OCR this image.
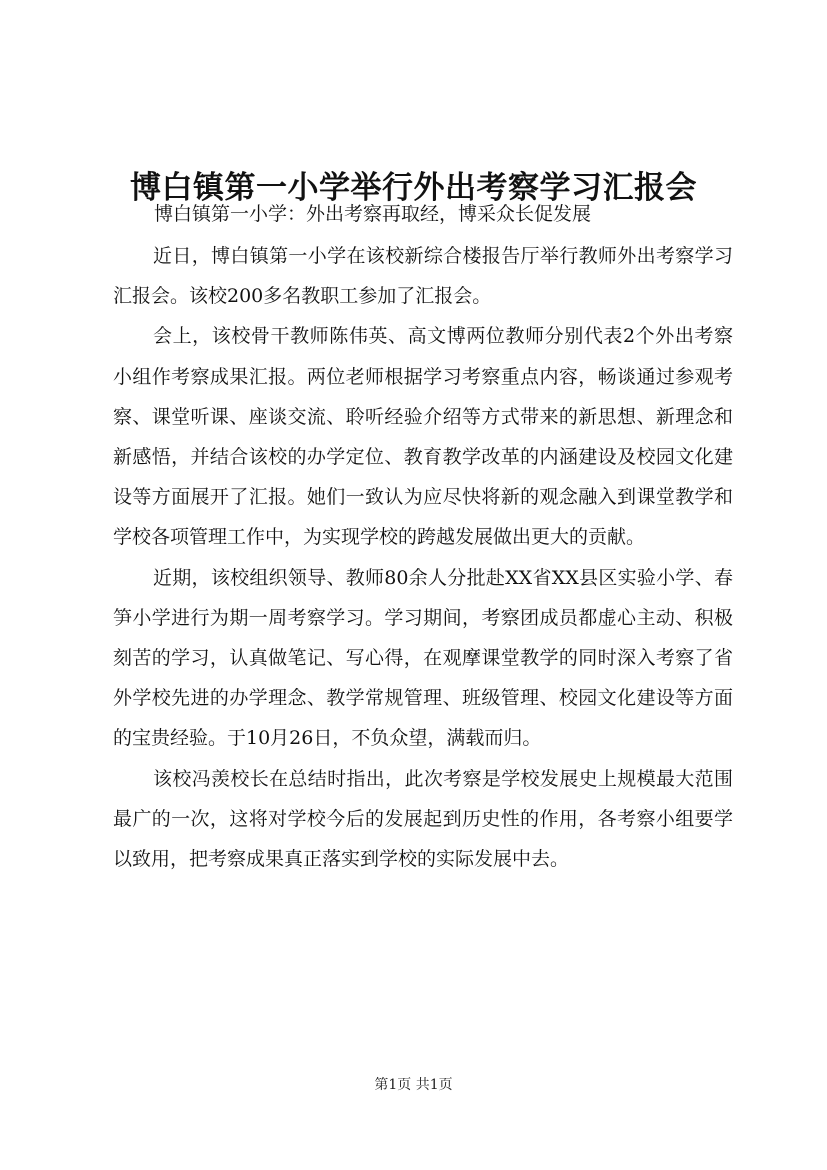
博白镇第一小学举行外出考察学习汇报会
博白镇第一小学：外出考察再取经，博采众长促发展

近日，博白镇第一小学在该校新综合楼报告厅举行教师外出考察学习汇报会。该校200多名教职工参加了汇报会。

会上，该校骨干教师陈伟英、高文博两位教师分别代表2个外出考察小组作考察成果汇报。两位老师根据学习考察重点内容，畅谈通过参观考察、课堂听课、座谈交流、聆听经验介绍等方式带来的新思想、新理念和新感悟，并结合该校的办学定位、教育教学改革的内涵建设及校园文化建设等方面展开了汇报。她们一致认为应尽快将新的观念融入到课堂教学和学校各项管理工作中，为实现学校的跨越发展做出更大的贡献。

近期，该校组织领导、教师80余人分批赴XX省XX县区实验小学、春笋小学进行为期一周考察学习。学习期间，考察团成员都虚心主动、积极刻苦的学习，认真做笔记、写心得，在观摩课堂教学的同时深入考察了省外学校先进的办学理念、教学常规管理、班级管理、校园文化建设等方面的宝贵经验。于10月26日，不负众望，满载而归。

该校冯羡校长在总结时指出，此次考察是学校发展史上规模最大范围最广的一次，这将对学校今后的发展起到历史性的作用，各考察小组要学以致用，把考察成果真正落实到学校的实际发展中去。

第1页 共1页
